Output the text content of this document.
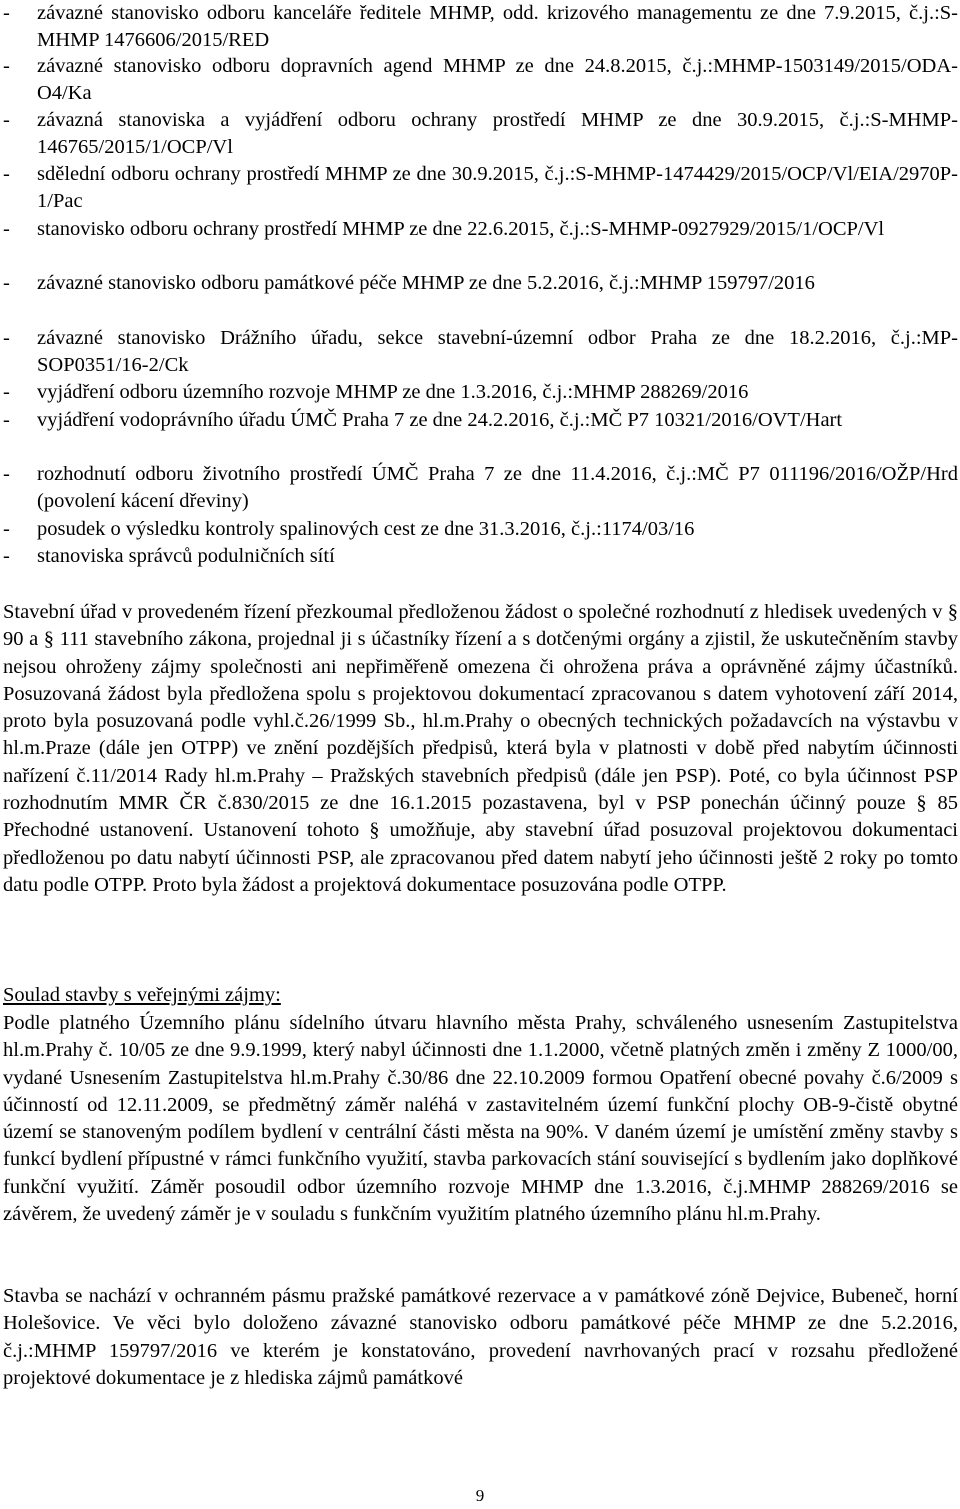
- závazné stanovisko odboru kanceláře ředitele MHMP, odd. krizového managementu ze dne 7.9.2015, č.j.:S-MHMP 1476606/2015/RED
- závazné stanovisko odboru dopravních agend MHMP ze dne 24.8.2015, č.j.:MHMP-1503149/2015/ODA-O4/Ka
- závazná stanoviska a vyjádření odboru ochrany prostředí MHMP ze dne 30.9.2015, č.j.:S-MHMP-146765/2015/1/OCP/Vl
- sdělední odboru ochrany prostředí MHMP ze dne 30.9.2015, č.j.:S-MHMP-1474429/2015/OCP/Vl/EIA/2970P-1/Pac
- stanovisko odboru ochrany prostředí MHMP ze dne 22.6.2015, č.j.:S-MHMP-0927929/2015/1/OCP/Vl
- závazné stanovisko odboru památkové péče MHMP ze dne 5.2.2016, č.j.:MHMP 159797/2016
- závazné stanovisko Drážního úřadu, sekce stavební-územní odbor Praha ze dne 18.2.2016, č.j.:MP-SOP0351/16-2/Ck
- vyjádření odboru územního rozvoje MHMP ze dne 1.3.2016, č.j.:MHMP 288269/2016
- vyjádření vodoprávního úřadu ÚMČ Praha 7 ze dne 24.2.2016, č.j.:MČ P7 10321/2016/OVT/Hart
- rozhodnutí odboru životního prostředí ÚMČ Praha 7 ze dne 11.4.2016, č.j.:MČ P7 011196/2016/OŽP/Hrd (povolení kácení dřeviny)
- posudek o výsledku kontroly spalinových cest ze dne 31.3.2016, č.j.:1174/03/16
- stanoviska správců podulničních sítí

Stavební úřad v provedeném řízení přezkoumal předloženou žádost o společné rozhodnutí z hledisek uvedených v § 90 a § 111 stavebního zákona, projednal ji s účastníky řízení a s dotčenými orgány a zjistil, že uskutečněním stavby nejsou ohroženy zájmy společnosti ani nepřiměřeně omezena či ohrožena práva a oprávněné zájmy účastníků. Posuzovaná žádost byla předložena spolu s projektovou dokumentací zpracovanou s datem vyhotovení září 2014, proto byla posuzovaná podle vyhl.č.26/1999 Sb., hl.m.Prahy o obecných technických požadavcích na výstavbu v hl.m.Praze (dále jen OTPP) ve znění pozdějších předpisů, která byla v platnosti v době před nabytím účinnosti nařízení č.11/2014 Rady hl.m.Prahy – Pražských stavebních předpisů (dále jen PSP). Poté, co byla účinnost PSP rozhodnutím MMR ČR č.830/2015 ze dne 16.1.2015 pozastavena, byl v PSP ponechán účinný pouze § 85 Přechodné ustanovení. Ustanovení tohoto § umožňuje, aby stavební úřad posuzoval projektovou dokumentaci předloženou po datu nabytí účinnosti PSP, ale zpracovanou před datem nabytí jeho účinnosti ještě 2 roky po tomto datu podle OTPP. Proto byla žádost a projektová dokumentace posuzována podle OTPP.

Soulad stavby s veřejnými zájmy:

Podle platného Územního plánu sídelního útvaru hlavního města Prahy, schváleného usnesením Zastupitelstva hl.m.Prahy č. 10/05 ze dne 9.9.1999, který nabyl účinnosti dne 1.1.2000, včetně platných změn i změny Z 1000/00, vydané Usnesením Zastupitelstva hl.m.Prahy č.30/86 dne 22.10.2009 formou Opatření obecné povahy č.6/2009 s účinností od 12.11.2009, se předmětný záměr naléhá v zastavitelném území funkční plochy OB-9-čistě obytné území se stanoveným podílem bydlení v centrální části města na 90%. V daném území je umístění změny stavby s funkcí bydlení přípustné v rámci funkčního využití, stavba parkovacích stání související s bydlením jako doplňkové funkční využití. Záměr posoudil odbor územního rozvoje MHMP dne 1.3.2016, č.j.MHMP 288269/2016 se závěrem, že uvedený záměr je v souladu s funkčním využitím platného územního plánu hl.m.Prahy.

Stavba se nachází v ochranném pásmu pražské památkové rezervace a v památkové zóně Dejvice, Bubeneč, horní Holešovice. Ve věci bylo doloženo závazné stanovisko odboru památkové péče MHMP ze dne 5.2.2016, č.j.:MHMP 159797/2016 ve kterém je konstatováno, provedení navrhovaných prací v rozsahu předložené projektové dokumentace je z hlediska zájmů památkové

9
